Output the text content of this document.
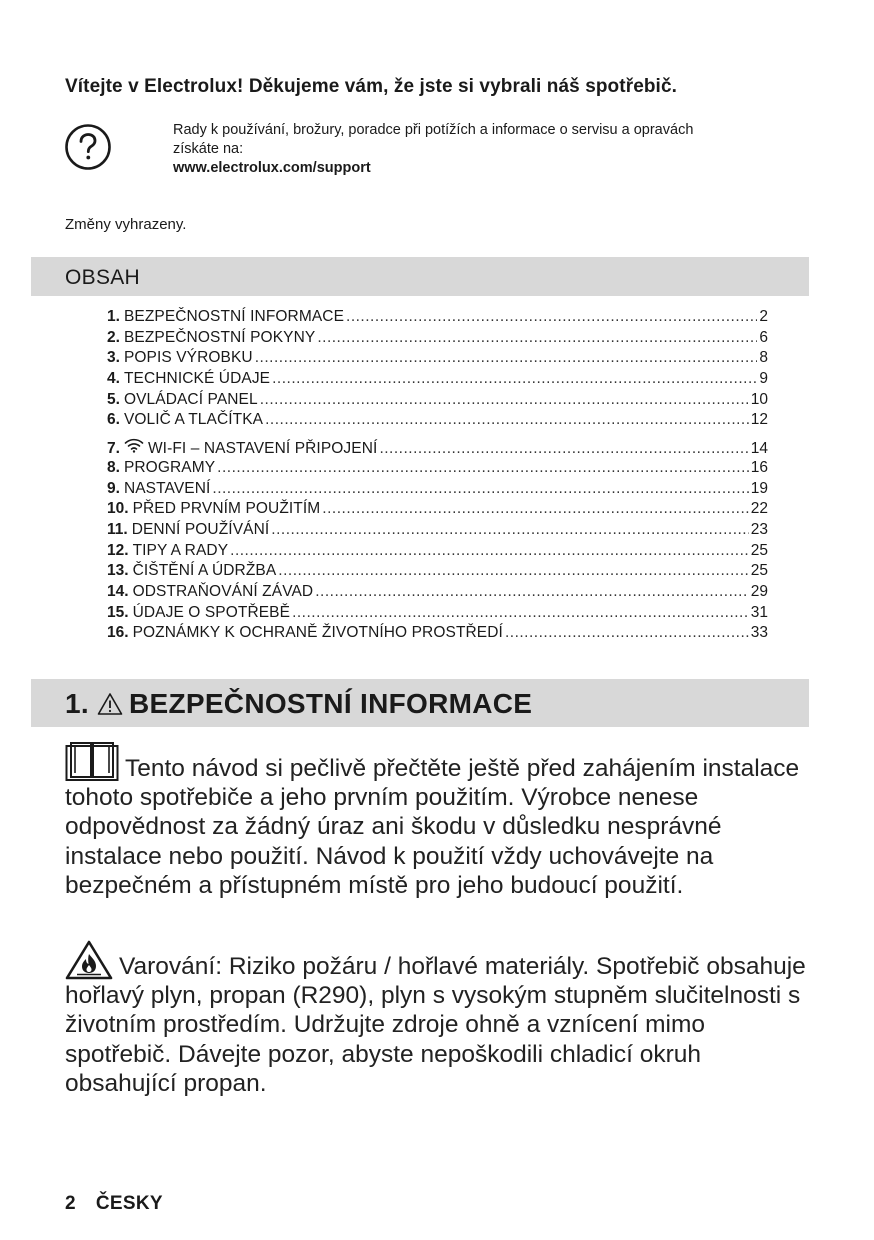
Vítejte v Electrolux! Děkujeme vám, že jste si vybrali náš spotřebič.
Rady k používání, brožury, poradce při potížích a informace o servisu a opravách
získáte na:
www.electrolux.com/support
Změny vyhrazeny.
OBSAH
1. BEZPEČNOSTNÍ INFORMACE .....	2
2. BEZPEČNOSTNÍ POKYNY .....	6
3. POPIS VÝROBKU .....	8
4. TECHNICKÉ ÚDAJE .....	9
5. OVLÁDACÍ PANEL .....	10
6. VOLIČ A TLAČÍTKA .....	12
7. WI-FI – NASTAVENÍ PŘIPOJENÍ .....	14
8. PROGRAMY .....	16
9. NASTAVENÍ .....	19
10. PŘED PRVNÍM POUŽITÍM .....	22
11. DENNÍ POUŽÍVÁNÍ .....	23
12. TIPY A RADY .....	25
13. ČIŠTĚNÍ A ÚDRŽBA .....	25
14. ODSTRAŇOVÁNÍ ZÁVAD .....	29
15. ÚDAJE O SPOTŘEBĚ .....	31
16. POZNÁMKY K OCHRANĚ ŽIVOTNÍHO PROSTŘEDÍ .....	33
1. BEZPEČNOSTNÍ INFORMACE
Tento návod si pečlivě přečtěte ještě před zahájením instalace tohoto spotřebiče a jeho prvním použitím. Výrobce nenese odpovědnost za žádný úraz ani škodu v důsledku nesprávné instalace nebo použití. Návod k použití vždy uchovávejte na bezpečném a přístupném místě pro jeho budoucí použití.
Varování: Riziko požáru / hořlavé materiály. Spotřebič obsahuje hořlavý plyn, propan (R290), plyn s vysokým stupněm slučitelnosti s životním prostředím. Udržujte zdroje ohně a vznícení mimo spotřebič. Dávejte pozor, abyste nepoškodili chladicí okruh obsahující propan.
2 ČESKY
